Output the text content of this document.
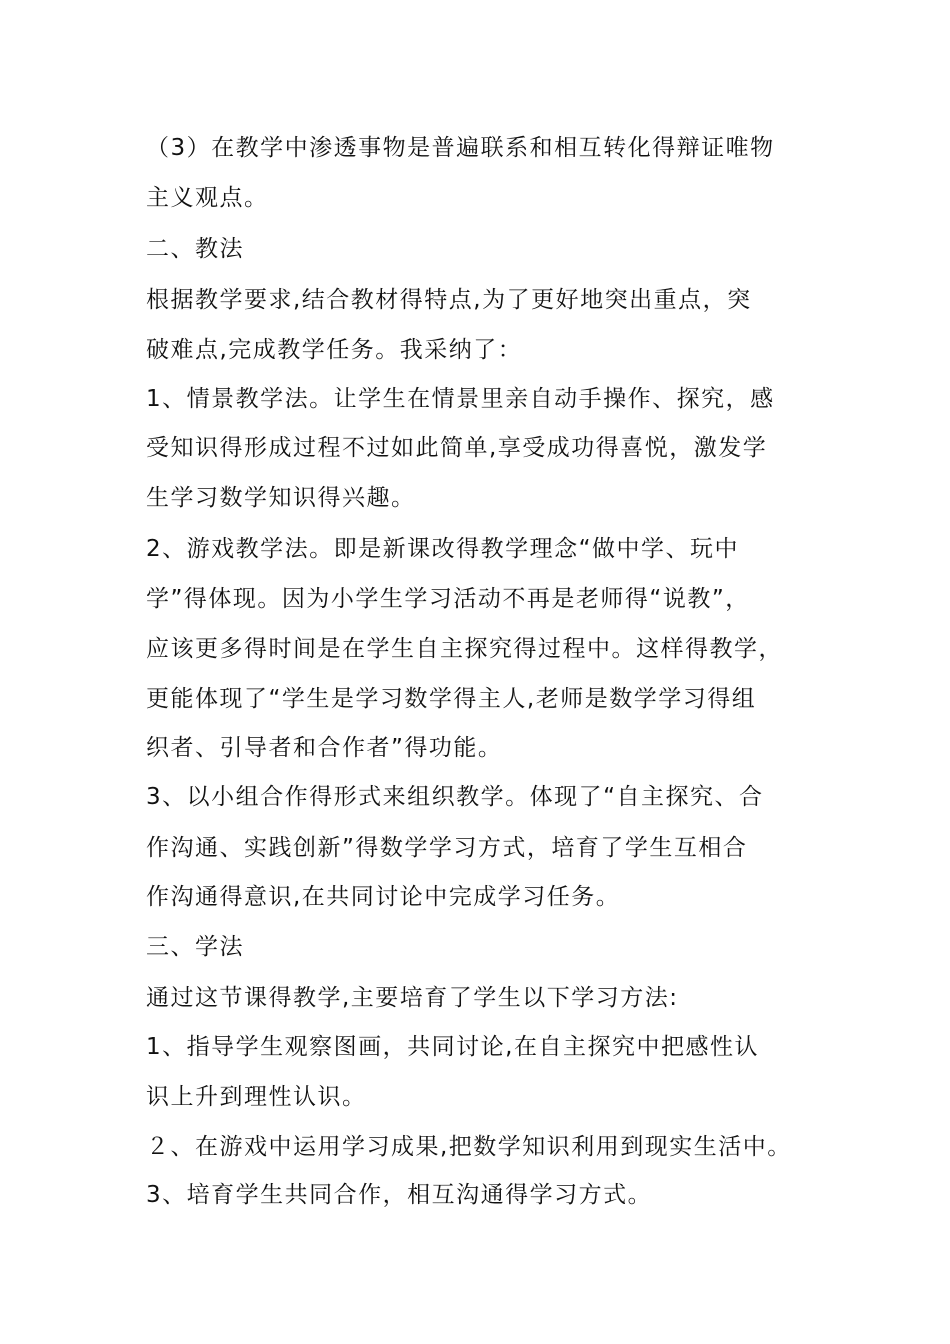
（3）在教学中渗透事物是普遍联系和相互转化得辩证唯物
主义观点。
二、教法
根据教学要求,结合教材得特点,为了更好地突出重点，突
破难点,完成教学任务。我采纳了：
1、情景教学法。让学生在情景里亲自动手操作、探究，感
受知识得形成过程不过如此简单,享受成功得喜悦，激发学
生学习数学知识得兴趣。
2、游戏教学法。即是新课改得教学理念“做中学、玩中
学”得体现。因为小学生学习活动不再是老师得“说教”，
应该更多得时间是在学生自主探究得过程中。这样得教学，
更能体现了“学生是学习数学得主人,老师是数学学习得组
织者、引导者和合作者”得功能。
3、以小组合作得形式来组织教学。体现了“自主探究、合
作沟通、实践创新”得数学学习方式，培育了学生互相合
作沟通得意识,在共同讨论中完成学习任务。
三、学法
通过这节课得教学,主要培育了学生以下学习方法:
1、指导学生观察图画，共同讨论,在自主探究中把感性认
识上升到理性认识。
２、在游戏中运用学习成果,把数学知识利用到现实生活中。
3、培育学生共同合作，相互沟通得学习方式。
